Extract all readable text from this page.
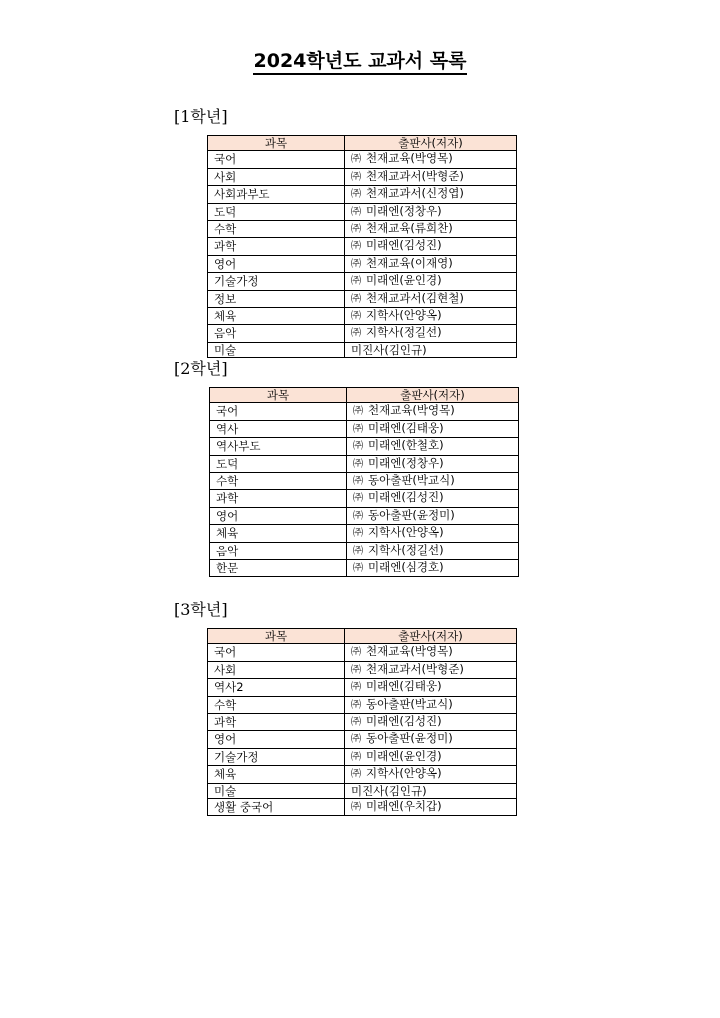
2024학년도 교과서 목록
[1학년]
과목	출판사(저자)
국어	㈜ 천재교육(박영목)
사회	㈜ 천재교과서(박형준)
사회과부도	㈜ 천재교과서(신정엽)
도덕	㈜ 미래엔(정창우)
수학	㈜ 천재교육(류희찬)
과학	㈜ 미래엔(김성진)
영어	㈜ 천재교육(이재영)
기술가정	㈜ 미래엔(윤인경)
정보	㈜ 천재교과서(김현철)
체육	㈜ 지학사(안양옥)
음악	㈜ 지학사(정길선)
미술	미진사(김인규)
[2학년]
과목	출판사(저자)
국어	㈜ 천재교육(박영목)
역사	㈜ 미래엔(김태웅)
역사부도	㈜ 미래엔(한철호)
도덕	㈜ 미래엔(정창우)
수학	㈜ 동아출판(박교식)
과학	㈜ 미래엔(김성진)
영어	㈜ 동아출판(윤정미)
체육	㈜ 지학사(안양옥)
음악	㈜ 지학사(정길선)
한문	㈜ 미래엔(심경호)
[3학년]
과목	출판사(저자)
국어	㈜ 천재교육(박영목)
사회	㈜ 천재교과서(박형준)
역사2	㈜ 미래엔(김태웅)
수학	㈜ 동아출판(박교식)
과학	㈜ 미래엔(김성진)
영어	㈜ 동아출판(윤정미)
기술가정	㈜ 미래엔(윤인경)
체육	㈜ 지학사(안양옥)
미술	미진사(김인규)
생활 중국어	㈜ 미래엔(우치갑)
